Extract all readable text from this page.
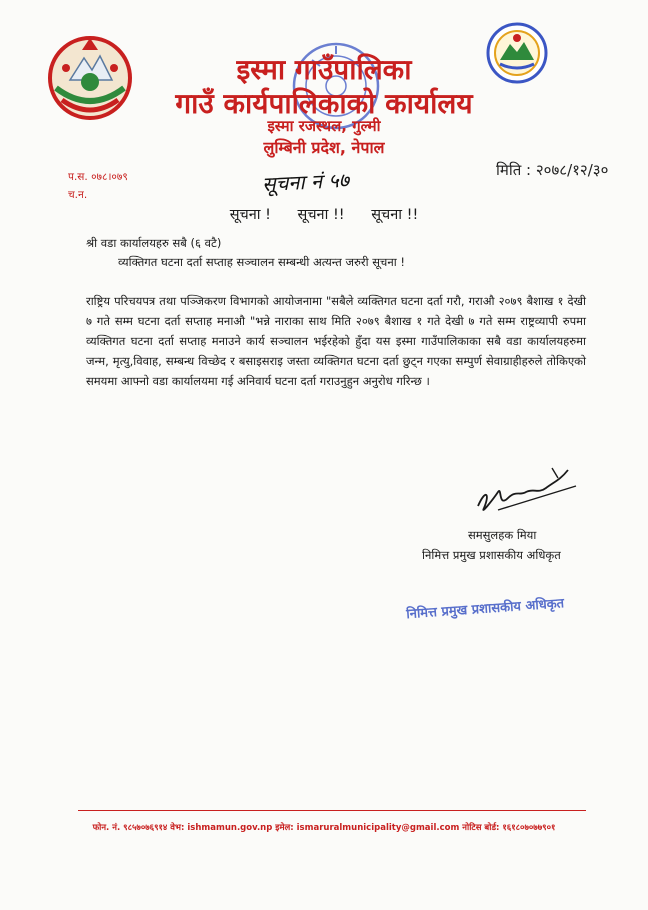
इस्मा गाउँपालिका
गाउँ कार्यपालिकाको कार्यालय
इस्मा रजस्थल, गुल्मी
लुम्बिनी प्रदेश, नेपाल
प.स. ०७८।०७९
च.न.	सूचना नं ५७	मिति : २०७८/१२/३०
सूचना ! सूचना !! सूचना !!
श्री वडा कार्यालयहरु सबै (६ वटै)
व्यक्तिगत घटना दर्ता सप्ताह सञ्चालन सम्बन्धी अत्यन्त जरुरी सूचना !
राष्ट्रिय परिचयपत्र तथा पञ्जिकरण विभागको आयोजनामा "सबैले व्यक्तिगत घटना दर्ता गरौ, गराऔ २०७९ बैशाख १ देखी ७ गते सम्म घटना दर्ता सप्ताह मनाऔ "भन्ने नाराका साथ मिति २०७९ बैशाख १ गते देखी ७ गते सम्म राष्ट्रव्यापी रुपमा व्यक्तिगत घटना दर्ता सप्ताह मनाउने कार्य सञ्चालन भईरहेको हुँदा यस इस्मा गाउँपालिकाका सबै वडा कार्यालयहरुमा जन्म, मृत्यु,विवाह, सम्बन्ध विच्छेद र बसाइसराइ जस्ता व्यक्तिगत घटना दर्ता छुट्न गएका सम्पुर्ण सेवाग्राहीहरुले तोकिएको समयमा आफ्नो वडा कार्यालयमा गई अनिवार्य घटना दर्ता गराउनुहुन अनुरोध गरिन्छ ।
समसुलहक मिया
निमित्त प्रमुख प्रशासकीय अधिकृत
निमित्त प्रमुख प्रशासकीय अधिकृत
फोन. नं. ९८५७०७६९१४ वेभ: ishmamun.gov.np इमेल: ismaruralmunicipality@gmail.com नोटिस बोर्ड: १६१८०७०७७९०१
